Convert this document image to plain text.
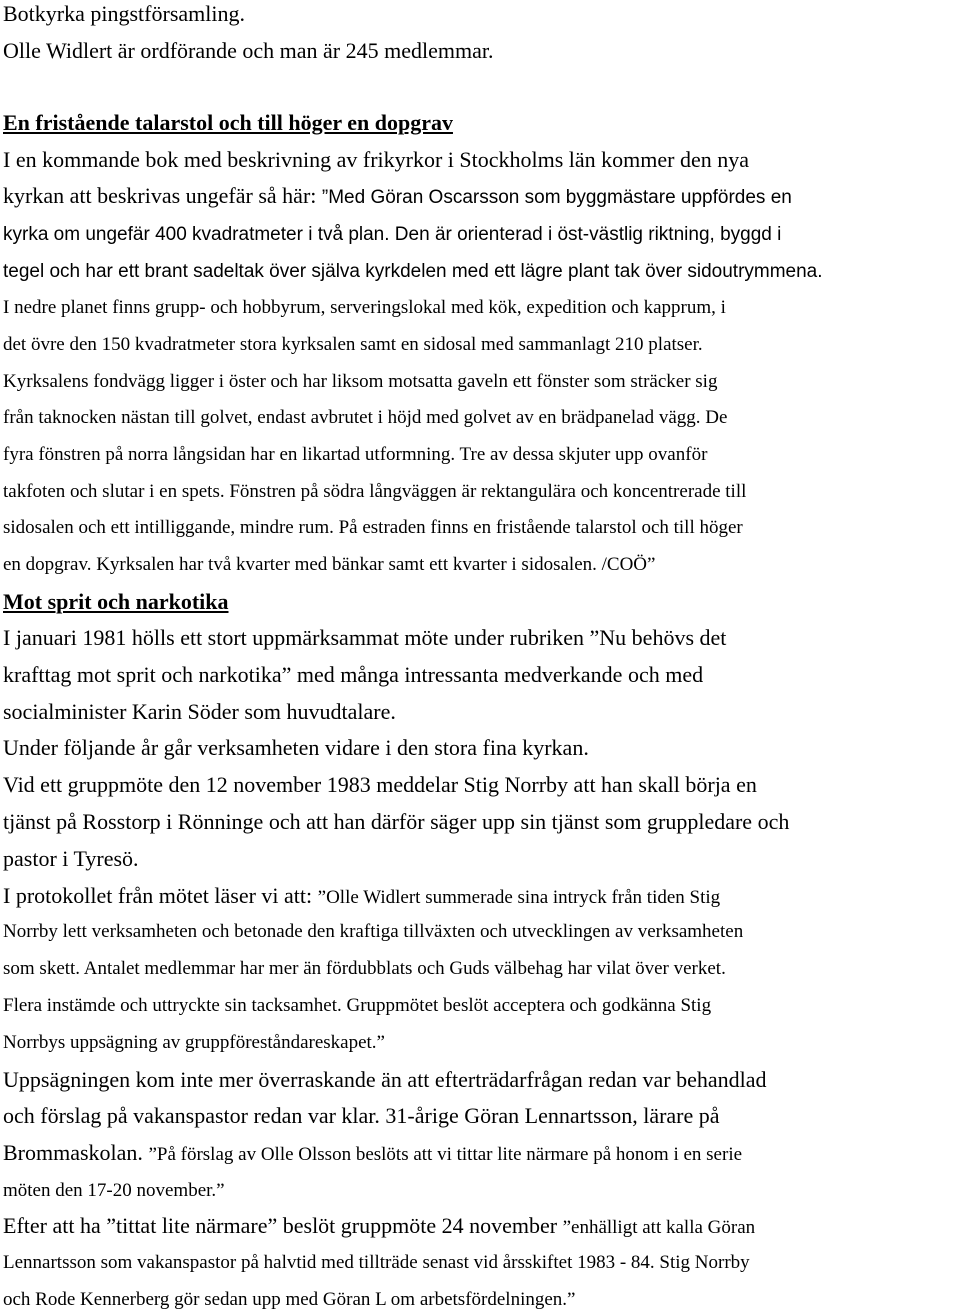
Botkyrka pingstförsamling.
Olle Widlert är ordförande och man är 245 medlemmar.
En fristående talarstol och till höger en dopgrav
I en kommande bok med beskrivning av frikyrkor i Stockholms län kommer den nya
kyrkan att beskrivas ungefär så här: ”Med Göran Oscarsson som byggmästare uppfördes en
kyrka om ungefär 400 kvadratmeter i två plan. Den är orienterad i öst-västlig riktning, byggd i
tegel och har ett brant sadeltak över själva kyrkdelen med ett lägre plant tak över sidoutrymmena.
I nedre planet finns grupp- och hobbyrum, serveringslokal med kök, expedition och kapprum, i
det övre den 150 kvadratmeter stora kyrksalen samt en sidosal med sammanlagt 210 platser.
Kyrksalens fondvägg ligger i öster och har liksom motsatta gaveln ett fönster som sträcker sig
från taknocken nästan till golvet, endast avbrutet i höjd med golvet av en brädpanelad vägg. De
fyra fönstren på norra långsidan har en likartad utformning. Tre av dessa skjuter upp ovanför
takfoten och slutar i en spets. Fönstren på södra långväggen är rektangulära och koncentrerade till
sidosalen och ett intilliggande, mindre rum. På estraden finns en fristående talarstol och till höger
en dopgrav. Kyrksalen har två kvarter med bänkar samt ett kvarter i sidosalen. /COÖ”
Mot sprit och narkotika
I januari 1981 hölls ett stort uppmärksammat möte under rubriken ”Nu behövs det
krafttag mot sprit och narkotika” med många intressanta medverkande och med
socialminister Karin Söder som huvudtalare.
Under följande år går verksamheten vidare i den stora fina kyrkan.
Vid ett gruppmöte den 12 november 1983 meddelar Stig Norrby att han skall börja en
tjänst på Rosstorp i Rönninge och att han därför säger upp sin tjänst som gruppledare och
pastor i Tyresö.
I protokollet från mötet läser vi att: ”Olle Widlert summerade sina intryck från tiden Stig
Norrby lett verksamheten och betonade den kraftiga tillväxten och utvecklingen av verksamheten
som skett. Antalet medlemmar har mer än fördubblats och Guds välbehag har vilat över verket.
Flera instämde och uttryckte sin tacksamhet. Gruppmötet beslöt acceptera och godkänna Stig
Norrbys uppsägning av gruppföreståndareskapet.”
Uppsägningen kom inte mer överraskande än att efterträdarfrågan redan var behandlad
och förslag på vakanspastor redan var klar. 31-årige Göran Lennartsson, lärare på
Brommaskolan. ”På förslag av Olle Olsson beslöts att vi tittar lite närmare på honom i en serie
möten den 17-20 november.”
Efter att ha ”tittat lite närmare” beslöt gruppmöte 24 november ”enhälligt att kalla Göran
Lennartsson som vakanspastor på halvtid med tillträde senast vid årsskiftet 1983 - 84. Stig Norrby
och Rode Kennerberg gör sedan upp med Göran L om arbetsfördelningen.”
